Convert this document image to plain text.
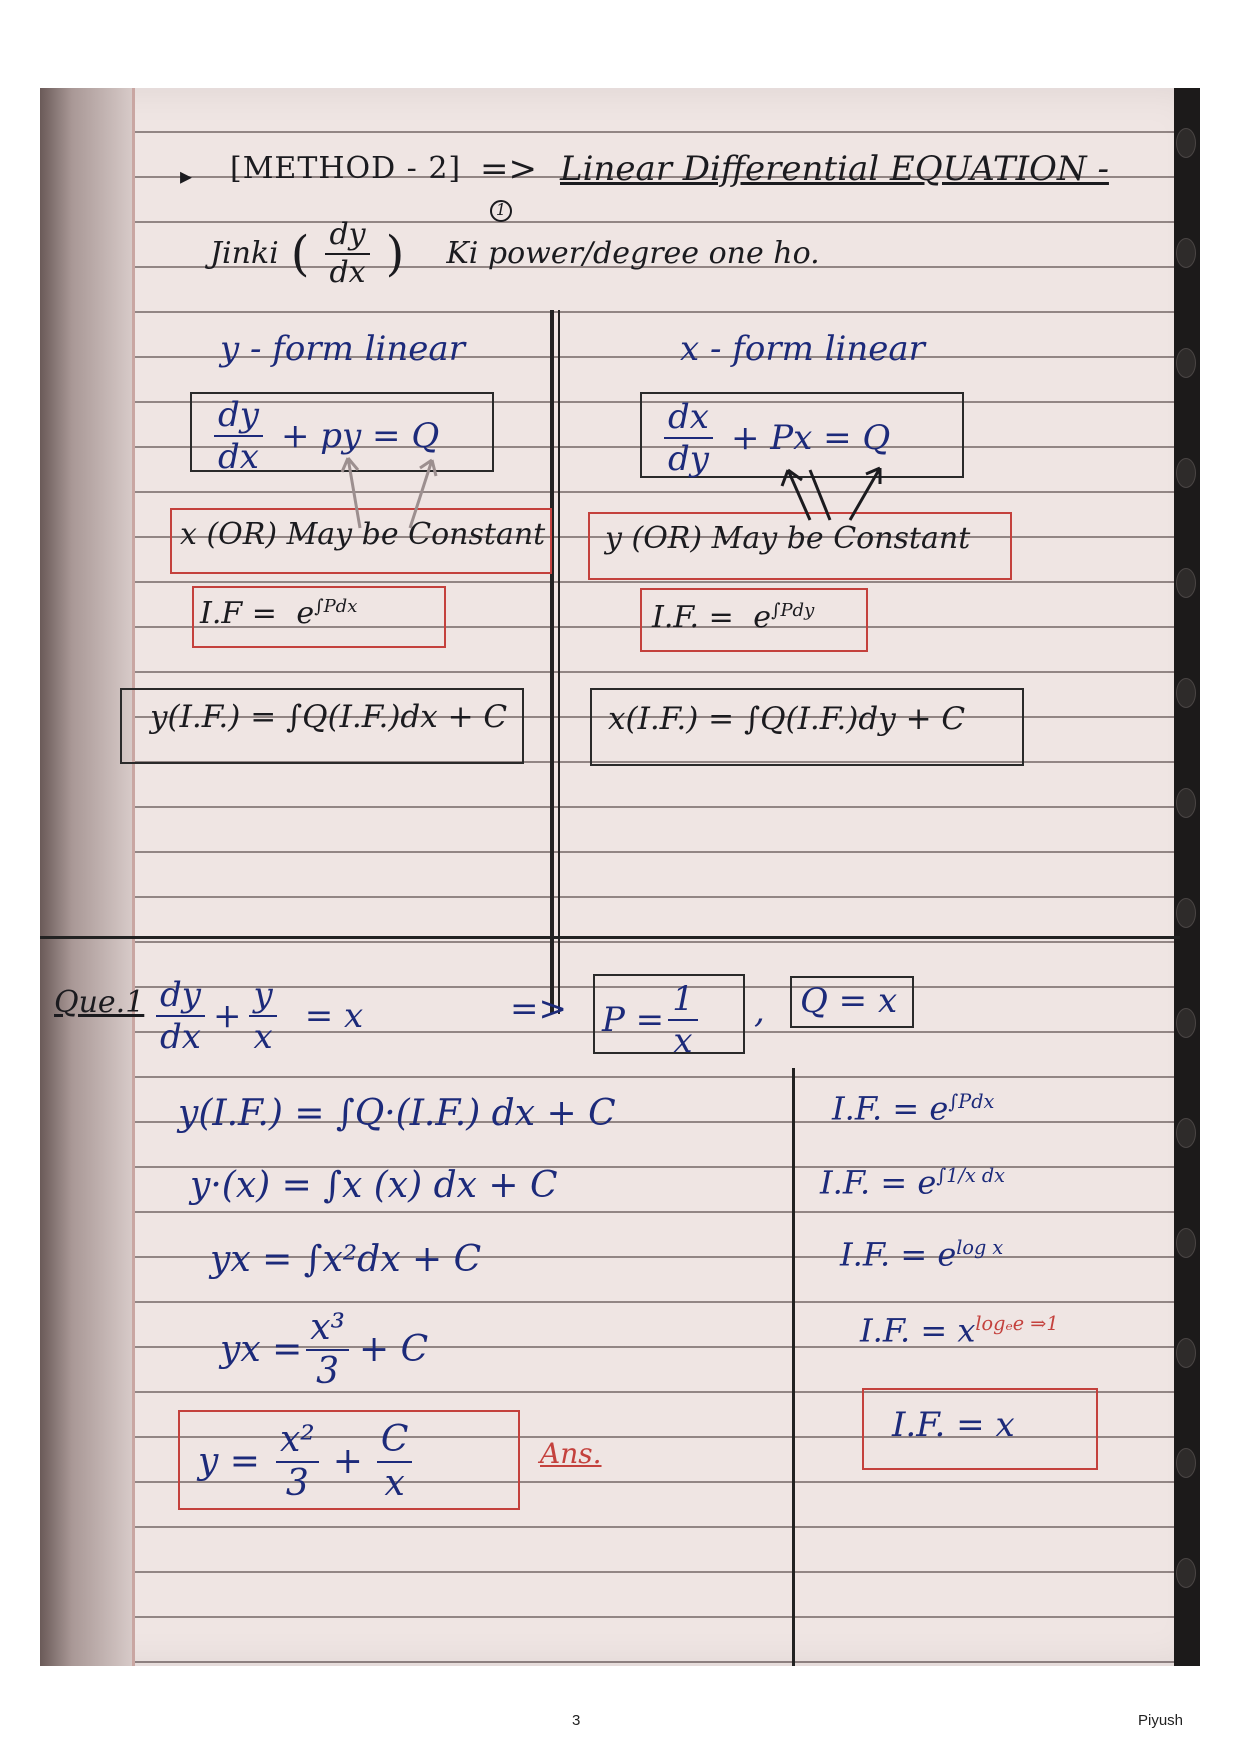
▸ [METHOD - 2] => Linear Differential EQUATION -
1
Jinki ( $\frac{dy}{dx}$ ) Ki power/degree one ho.
y - form linear
$\frac{dy}{dx}$ + py = Q
x (OR) May be Constant
$I.F = e^{\int Pdx}$
y(I.F.) = ∫Q(I.F.)dx + C
x - form linear
$\frac{dx}{dy} + Px = Q$
y (OR) May be Constant
I.F. = $e^{\int Pdy}$
x(I.F.) = ∫Q(I.F.)dy + C
$Que.1 \frac{dy}{dx} + \frac{y}{x} = x$	=> $P = \frac{1}{x}$ , Q = x
y(I.F.) = ∫Q·(I.F.) dx + C
y·(x) = ∫x (x) dx + C
yx = ∫x²dx + C
yx = $\frac{\text{x³}}{3} + C$
$y = \frac{\text{x²}}{3} + \frac{C}{x}$	Ans.
I.F. = $e^{\int Pdx}$
I.F. = $e^{\int 1/x dx}$
I.F. = $e^{log x}$
I.F. = $x^{log_ee \Rightarrow 1}$
I.F. = x
3	Piyush
